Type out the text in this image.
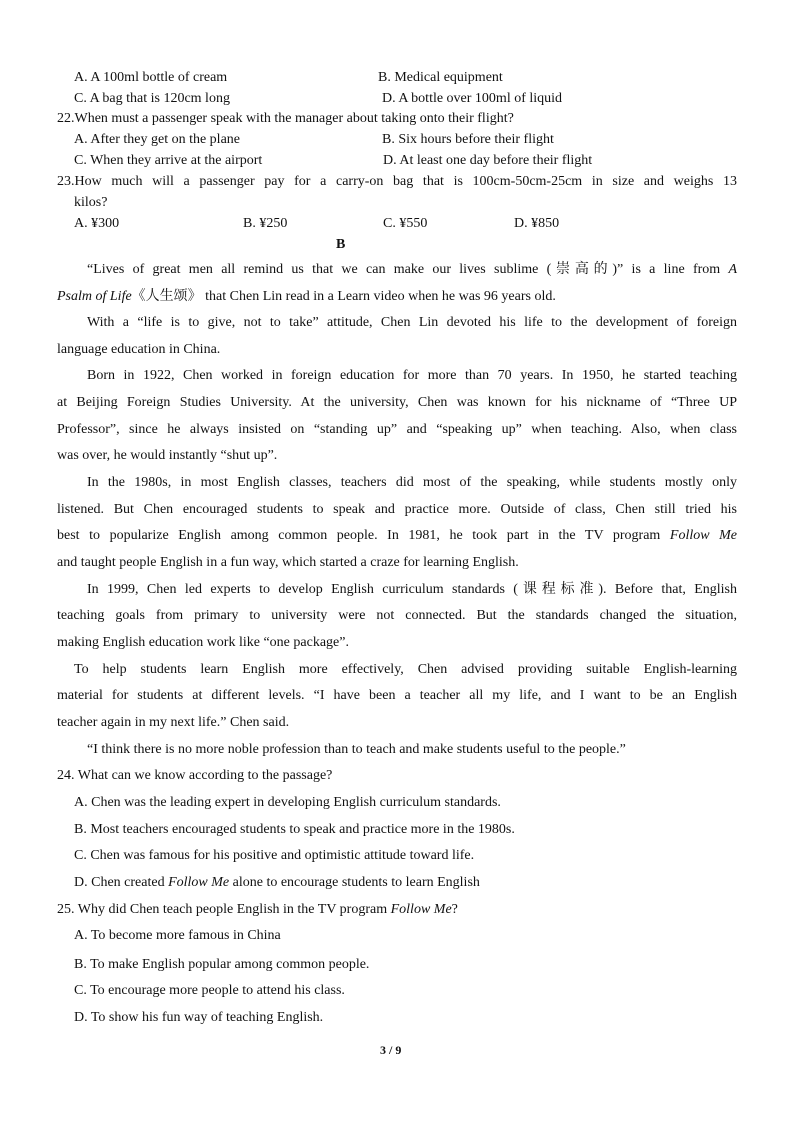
A. A 100ml bottle of cream	B. Medical equipment
C. A bag that is 120cm long	D. A bottle over 100ml of liquid
22.When must a passenger speak with the manager about taking onto their flight?
A. After they get on the plane	B. Six hours before their flight
C. When they arrive at the airport	D. At least one day before their flight
23.How much will a passenger pay for a carry-on bag that is 100cm-50cm-25cm in size and weighs 13
kilos?
A. ¥300	B. ¥250	C. ¥550	D. ¥850
B
“Lives of great men all remind us that we can make our lives sublime (崇高的)” is a line from A
Psalm of Life《人生颂》 that Chen Lin read in a Learn video when he was 96 years old.
With a “life is to give, not to take” attitude, Chen Lin devoted his life to the development of foreign
language education in China.
Born in 1922, Chen worked in foreign education for more than 70 years. In 1950, he started teaching
at Beijing Foreign Studies University. At the university, Chen was known for his nickname of “Three UP
Professor”, since he always insisted on “standing up” and “speaking up” when teaching. Also, when class
was over, he would instantly “shut up”.
In the 1980s, in most English classes, teachers did most of the speaking, while students mostly only
listened. But Chen encouraged students to speak and practice more. Outside of class, Chen still tried his
best to popularize English among common people. In 1981, he took part in the TV program Follow Me
and taught people English in a fun way, which started a craze for learning English.
In 1999, Chen led experts to develop English curriculum standards (课程标准). Before that, English
teaching goals from primary to university were not connected. But the standards changed the situation,
making English education work like “one package”.
To help students learn English more effectively, Chen advised providing suitable English-learning
material for students at different levels. “I have been a teacher all my life, and I want to be an English
teacher again in my next life.” Chen said.
“I think there is no more noble profession than to teach and make students useful to the people.”
24. What can we know according to the passage?
A. Chen was the leading expert in developing English curriculum standards.
B. Most teachers encouraged students to speak and practice more in the 1980s.
C. Chen was famous for his positive and optimistic attitude toward life.
D. Chen created Follow Me alone to encourage students to learn English
25. Why did Chen teach people English in the TV program Follow Me?
A. To become more famous in China
B. To make English popular among common people.
C. To encourage more people to attend his class.
D. To show his fun way of teaching English.
3 / 9
